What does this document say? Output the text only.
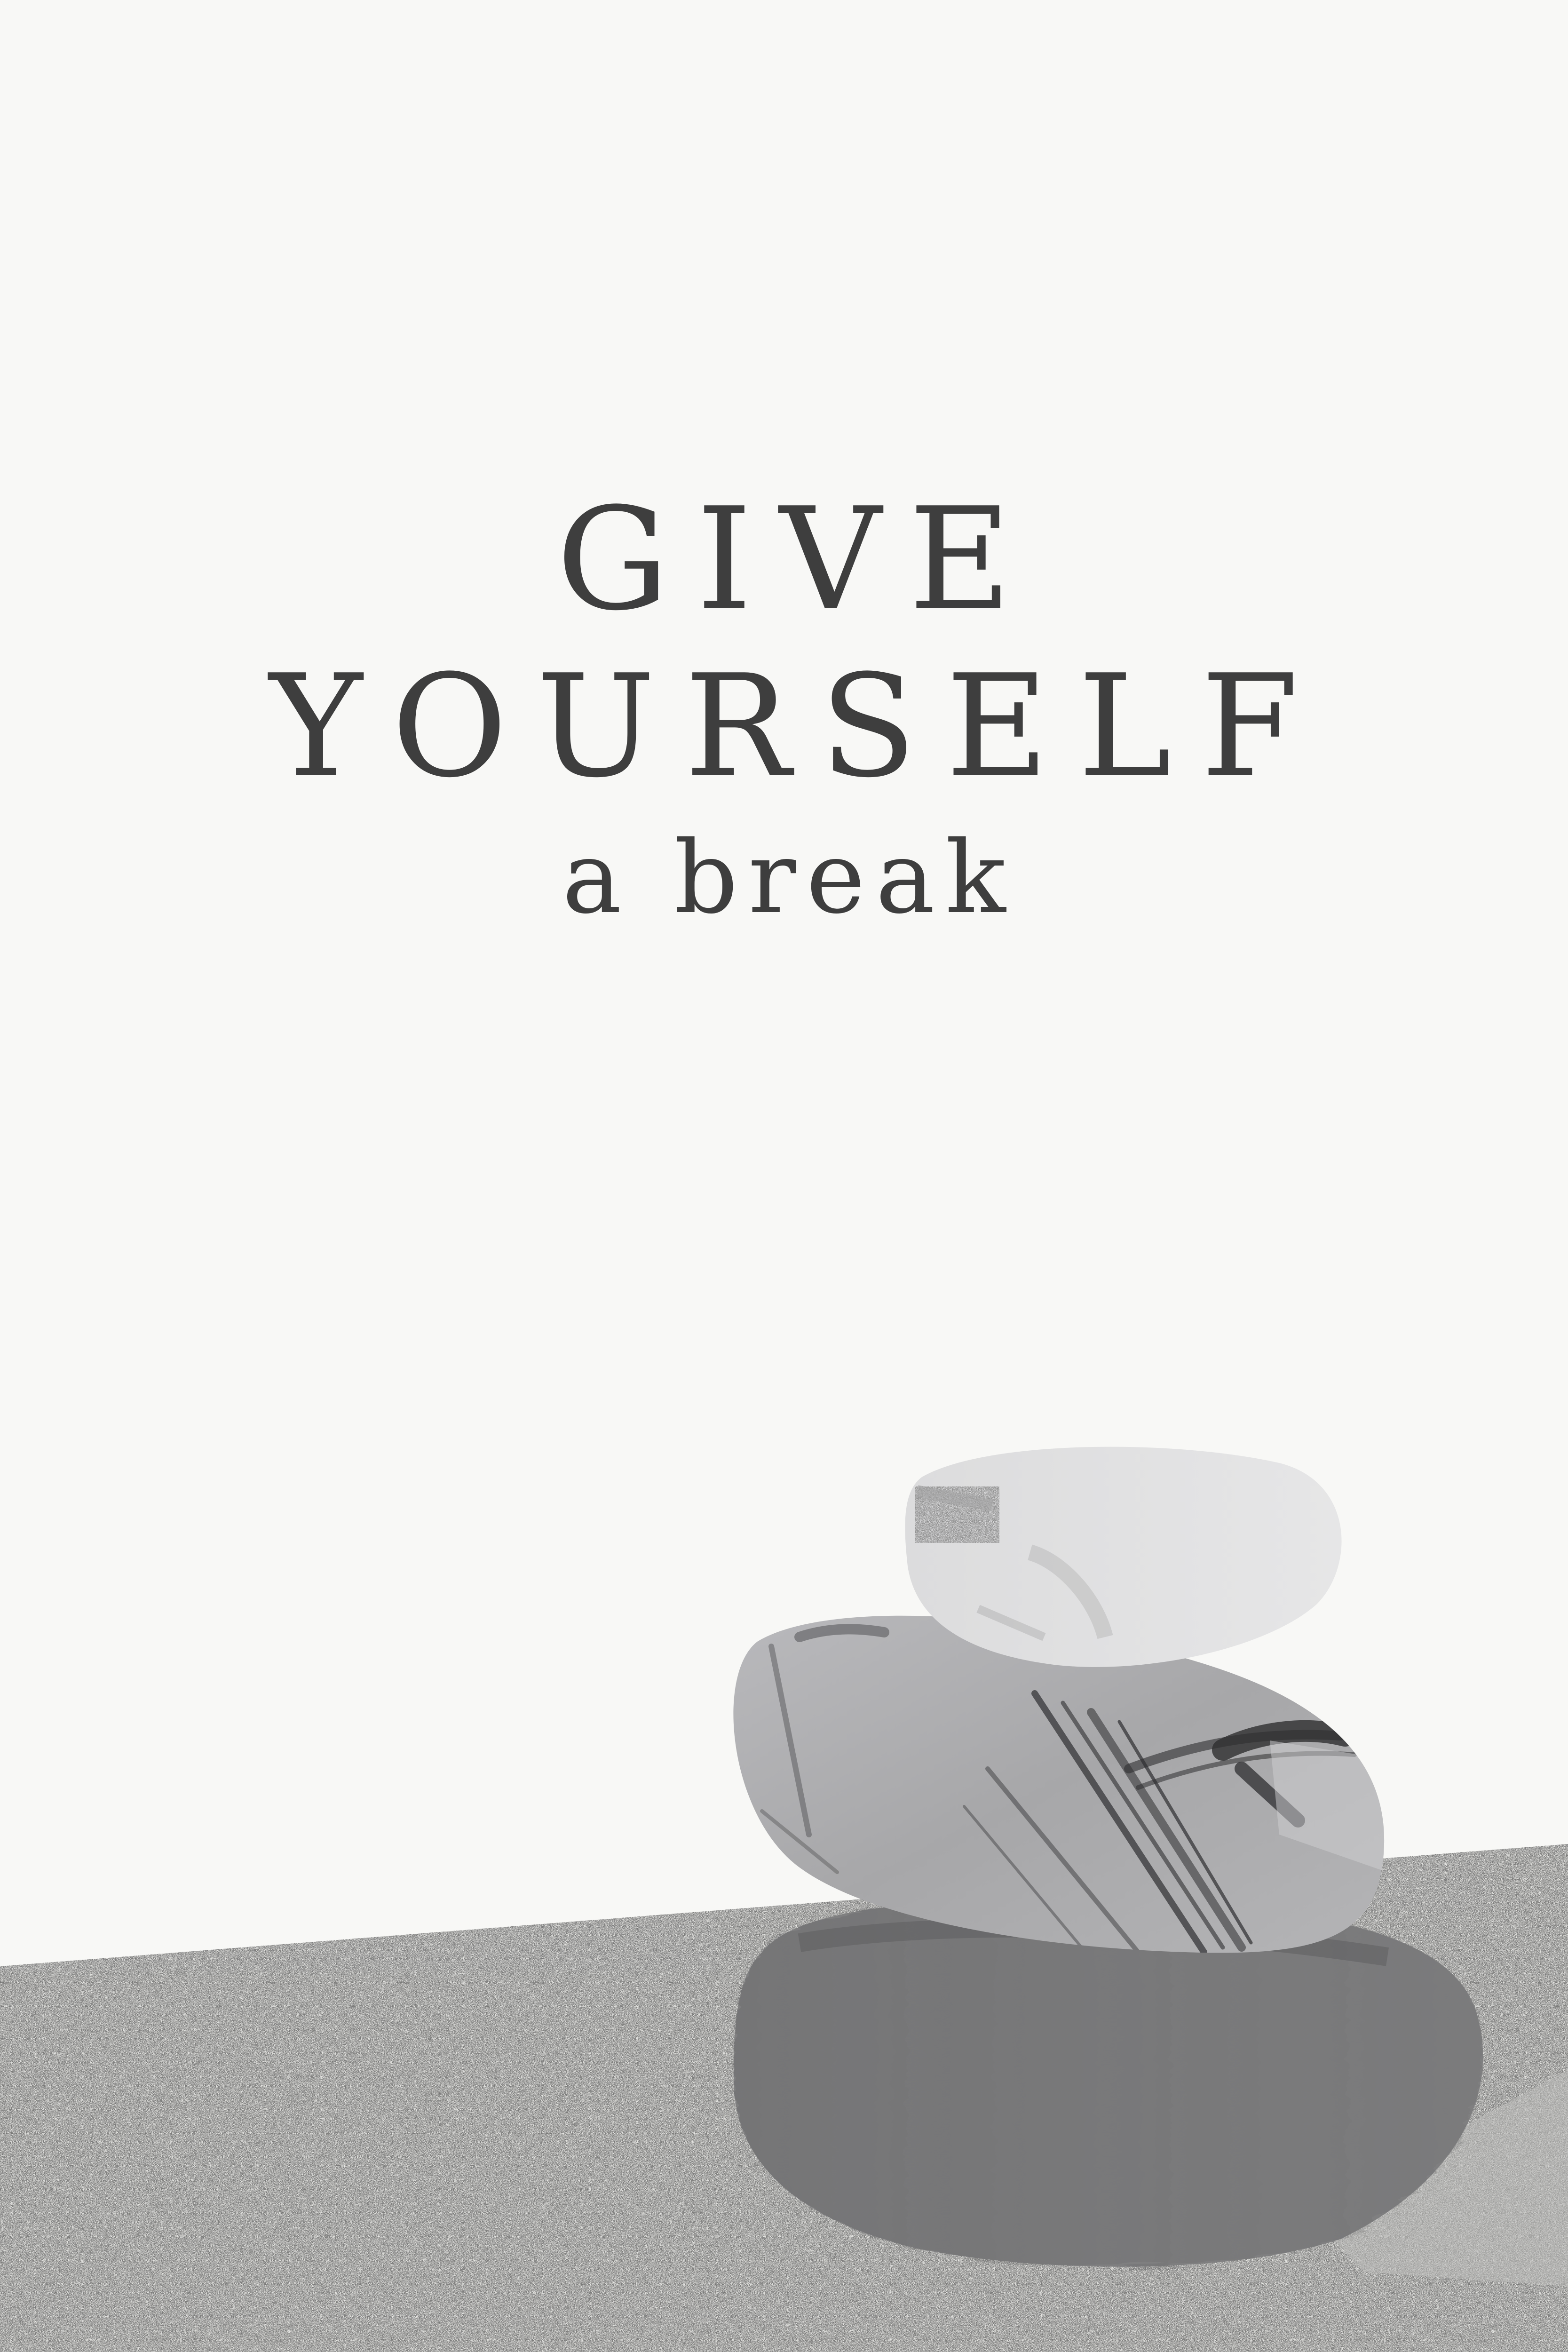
GIVE
YOURSELF
a break
